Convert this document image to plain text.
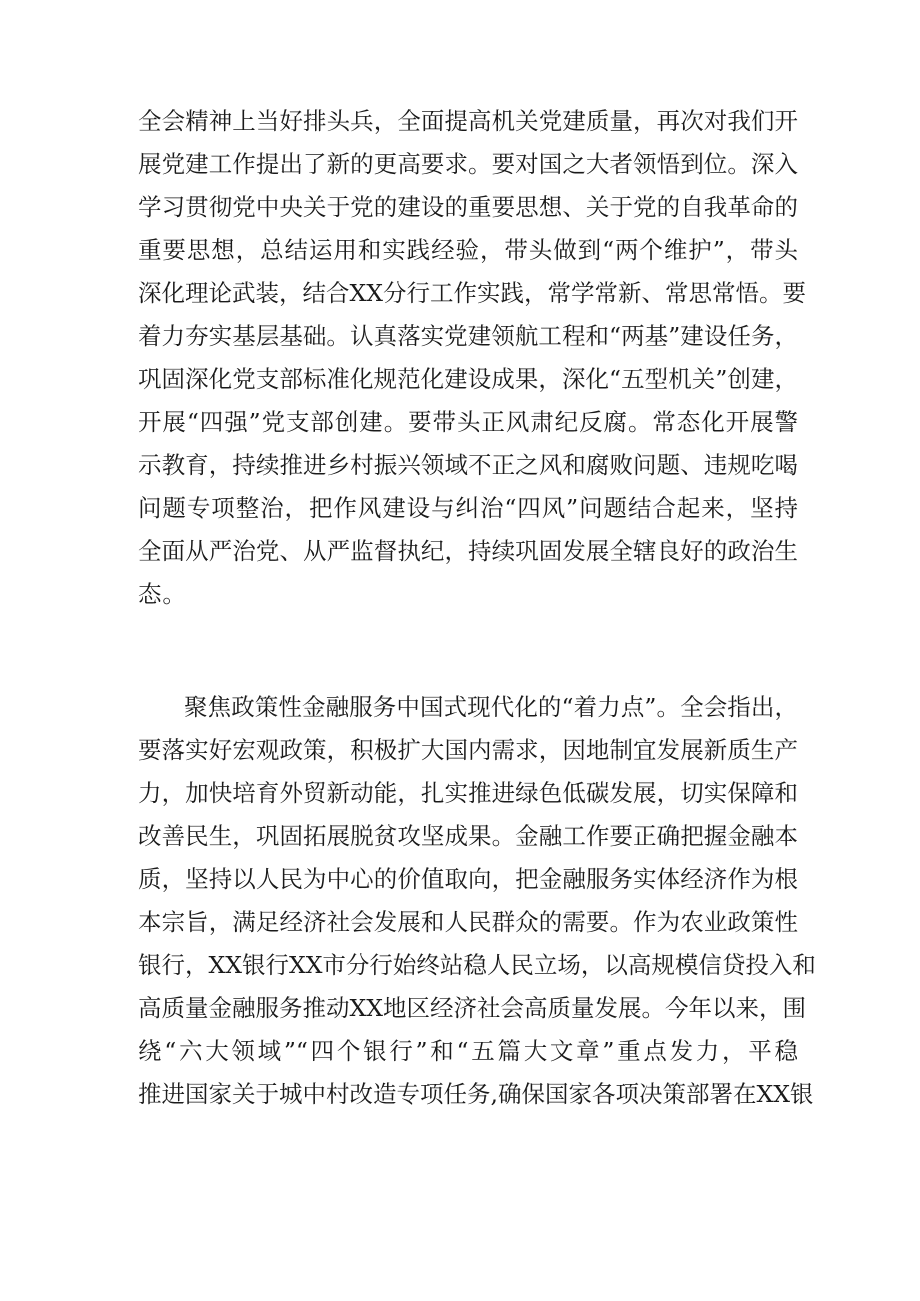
全会精神上当好排头兵，全面提高机关党建质量，再次对我们开
展党建工作提出了新的更高要求。要对国之大者领悟到位。深入
学习贯彻党中央关于党的建设的重要思想、关于党的自我革命的
重要思想，总结运用和实践经验，带头做到“两个维护”，带头
深化理论武装，结合XX分行工作实践，常学常新、常思常悟。要
着力夯实基层基础。认真落实党建领航工程和“两基”建设任务，
巩固深化党支部标准化规范化建设成果，深化“五型机关”创建，
开展“四强”党支部创建。要带头正风肃纪反腐。常态化开展警
示教育，持续推进乡村振兴领域不正之风和腐败问题、违规吃喝
问题专项整治，把作风建设与纠治“四风”问题结合起来，坚持
全面从严治党、从严监督执纪，持续巩固发展全辖良好的政治生
态。
聚焦政策性金融服务中国式现代化的“着力点”。全会指出，
要落实好宏观政策，积极扩大国内需求，因地制宜发展新质生产
力，加快培育外贸新动能，扎实推进绿色低碳发展，切实保障和
改善民生，巩固拓展脱贫攻坚成果。金融工作要正确把握金融本
质，坚持以人民为中心的价值取向，把金融服务实体经济作为根
本宗旨，满足经济社会发展和人民群众的需要。作为农业政策性
银行，XX银行XX市分行始终站稳人民立场，以高规模信贷投入和
高质量金融服务推动XX地区经济社会高质量发展。今年以来，围
绕“六大领域”“四个银行”和“五篇大文章”重点发力，平稳
推进国家关于城中村改造专项任务,确保国家各项决策部署在XX银
